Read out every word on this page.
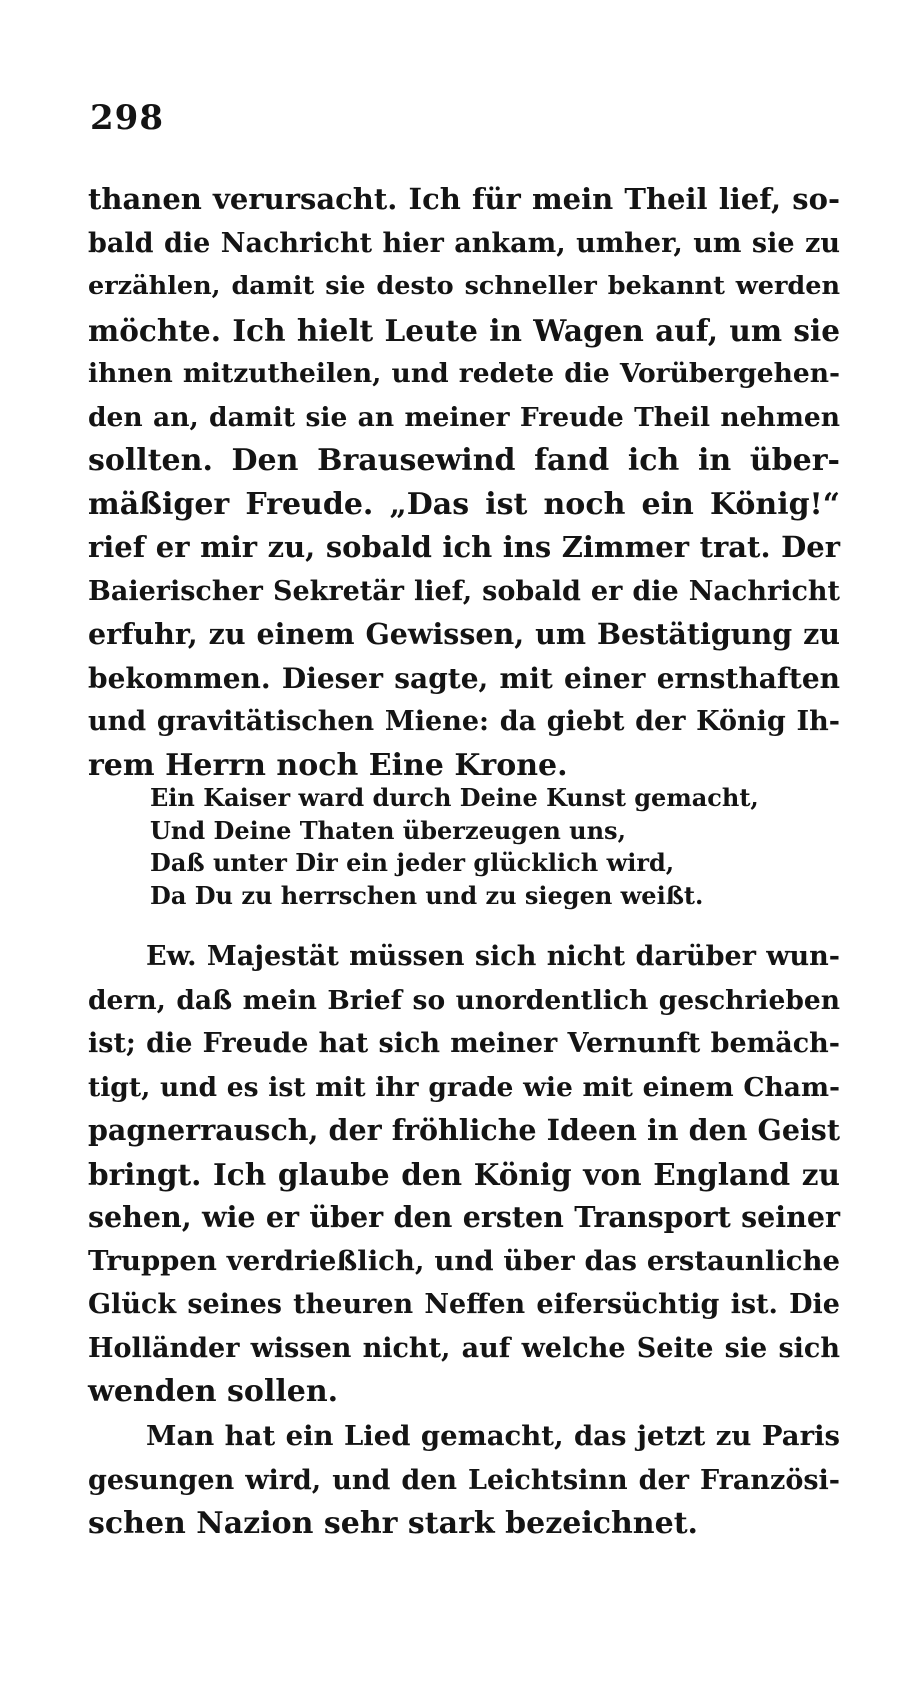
298
thanen verursacht. Ich für mein Theil lief, so-
bald die Nachricht hier ankam, umher, um sie zu
erzählen, damit sie desto schneller bekannt werden
möchte. Ich hielt Leute in Wagen auf, um sie
ihnen mitzutheilen, und redete die Vorübergehen-
den an, damit sie an meiner Freude Theil nehmen
sollten. Den Brausewind fand ich in über-
mäßiger Freude. „Das ist noch ein König!“
rief er mir zu, sobald ich ins Zimmer trat. Der
Baierischer Sekretär lief, sobald er die Nachricht
erfuhr, zu einem Gewissen, um Bestätigung zu
bekommen. Dieser sagte, mit einer ernsthaften
und gravitätischen Miene: da giebt der König Ih-
rem Herrn noch Eine Krone.
Ein Kaiser ward durch Deine Kunst gemacht,
Und Deine Thaten überzeugen uns,
Daß unter Dir ein jeder glücklich wird,
Da Du zu herrschen und zu siegen weißt.
Ew. Majestät müssen sich nicht darüber wun-
dern, daß mein Brief so unordentlich geschrieben
ist; die Freude hat sich meiner Vernunft bemäch-
tigt, und es ist mit ihr grade wie mit einem Cham-
pagnerrausch, der fröhliche Ideen in den Geist
bringt. Ich glaube den König von England zu
sehen, wie er über den ersten Transport seiner
Truppen verdrießlich, und über das erstaunliche
Glück seines theuren Neffen eifersüchtig ist. Die
Holländer wissen nicht, auf welche Seite sie sich
wenden sollen.
Man hat ein Lied gemacht, das jetzt zu Paris
gesungen wird, und den Leichtsinn der Französi-
schen Nazion sehr stark bezeichnet.
